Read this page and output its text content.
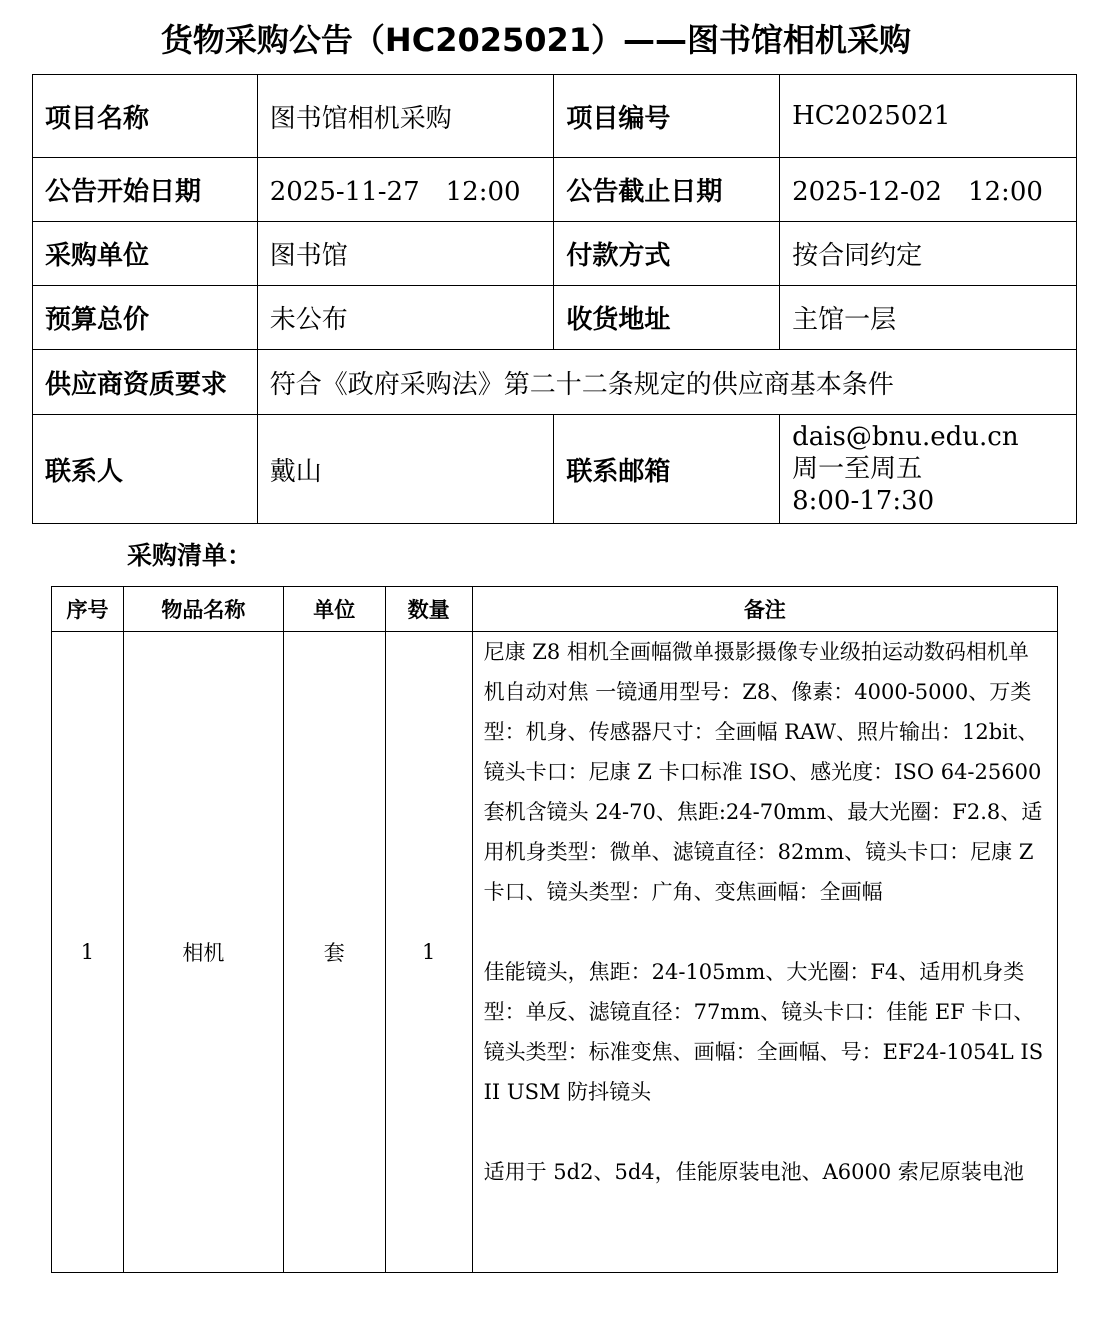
货物采购公告（HC2025021）——图书馆相机采购
项目名称	图书馆相机采购	项目编号	HC2025021
公告开始日期	2025-11-27　12:00	公告截止日期	2025-12-02　12:00
采购单位	图书馆	付款方式	按合同约定
预算总价	未公布	收货地址	主馆一层
供应商资质要求	符合《政府采购法》第二十二条规定的供应商基本条件		
联系人	戴山	联系邮箱	dais@bnu.edu.cn
周一至周五
8:00-17:30
采购清单：
序号	物品名称	单位	数量	备注
1	相机	套	1	尼康 Z8 相机全画幅微单摄影摄像专业级拍运动数码相机单机自动对焦 一镜通用型号：Z8、像素：4000-5000、万类型：机身、传感器尺寸：全画幅 RAW、照片输出：12bit、镜头卡口：尼康 Z 卡口标准 ISO、感光度：ISO 64-25600

套机含镜头 24-70、焦距:24-70mm、最大光圈：F2.8、适用机身类型：微单、滤镜直径：82mm、镜头卡口：尼康 Z 卡口、镜头类型：广角、变焦画幅：全画幅

佳能镜头，焦距：24-105mm、大光圈：F4、适用机身类型：单反、滤镜直径：77mm、镜头卡口：佳能 EF 卡口、镜头类型：标准变焦、画幅：全画幅、号：EF24-1054L IS II USM 防抖镜头

适用于 5d2、5d4，佳能原装电池、A6000 索尼原装电池
